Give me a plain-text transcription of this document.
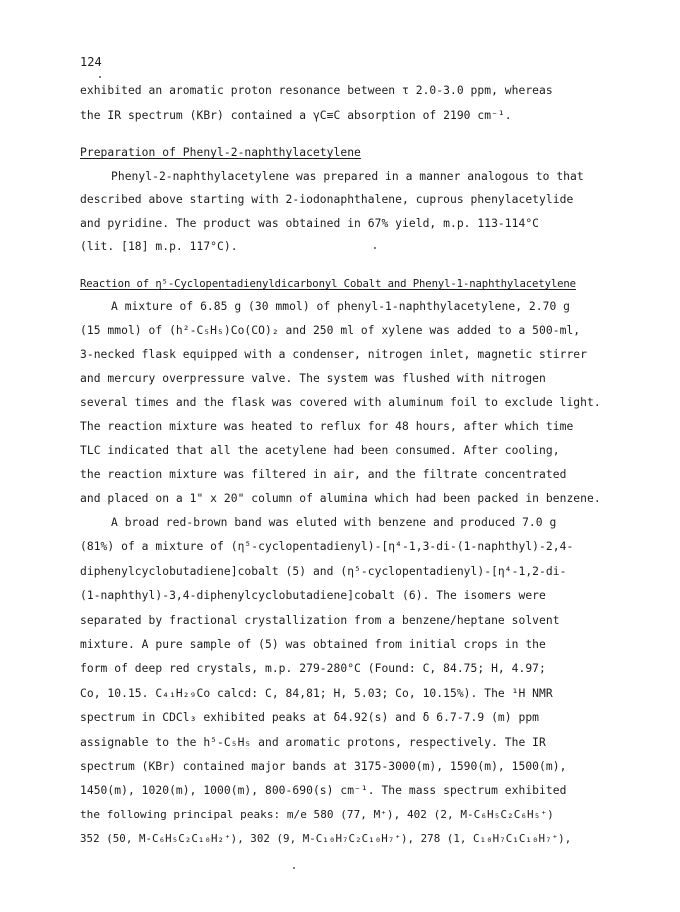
124
exhibited an aromatic proton resonance between τ 2.0-3.0 ppm, whereas
the IR spectrum (KBr) contained a γC≡C absorption of 2190 cm⁻¹.
Preparation of Phenyl-2-naphthylacetylene
Phenyl-2-naphthylacetylene was prepared in a manner analogous to that
described above starting with 2-iodonaphthalene, cuprous phenylacetylide
and pyridine. The product was obtained in 67% yield, m.p. 113-114°C
(lit. [18] m.p. 117°C).
Reaction of η⁵-Cyclopentadienyldicarbonyl Cobalt and Phenyl-1-naphthylacetylene
A mixture of 6.85 g (30 mmol) of phenyl-1-naphthylacetylene, 2.70 g
(15 mmol) of (h²-C₅H₅)Co(CO)₂ and 250 ml of xylene was added to a 500-ml,
3-necked flask equipped with a condenser, nitrogen inlet, magnetic stirrer
and mercury overpressure valve. The system was flushed with nitrogen
several times and the flask was covered with aluminum foil to exclude light.
The reaction mixture was heated to reflux for 48 hours, after which time
TLC indicated that all the acetylene had been consumed. After cooling,
the reaction mixture was filtered in air, and the filtrate concentrated
and placed on a 1" x 20" column of alumina which had been packed in benzene.
A broad red-brown band was eluted with benzene and produced 7.0 g
(81%) of a mixture of (η⁵-cyclopentadienyl)-[η⁴-1,3-di-(1-naphthyl)-2,4-
diphenylcyclobutadiene]cobalt (5) and (η⁵-cyclopentadienyl)-[η⁴-1,2-di-
(1-naphthyl)-3,4-diphenylcyclobutadiene]cobalt (6). The isomers were
separated by fractional crystallization from a benzene/heptane solvent
mixture. A pure sample of (5) was obtained from initial crops in the
form of deep red crystals, m.p. 279-280°C (Found: C, 84.75; H, 4.97;
Co, 10.15. C₄₁H₂₉Co calcd: C, 84,81; H, 5.03; Co, 10.15%). The ¹H NMR
spectrum in CDCl₃ exhibited peaks at δ4.92(s) and δ 6.7-7.9 (m) ppm
assignable to the h⁵-C₅H₅ and aromatic protons, respectively. The IR
spectrum (KBr) contained major bands at 3175-3000(m), 1590(m), 1500(m),
1450(m), 1020(m), 1000(m), 800-690(s) cm⁻¹. The mass spectrum exhibited
the following principal peaks: m/e 580 (77, M⁺), 402 (2, M-C₆H₅C₂C₆H₅⁺)
352 (50, M-C₆H₅C₂C₁₀H₂⁺), 302 (9, M-C₁₀H₇C₂C₁₀H₇⁺), 278 (1, C₁₀H₇C₁C₁₀H₇⁺),
